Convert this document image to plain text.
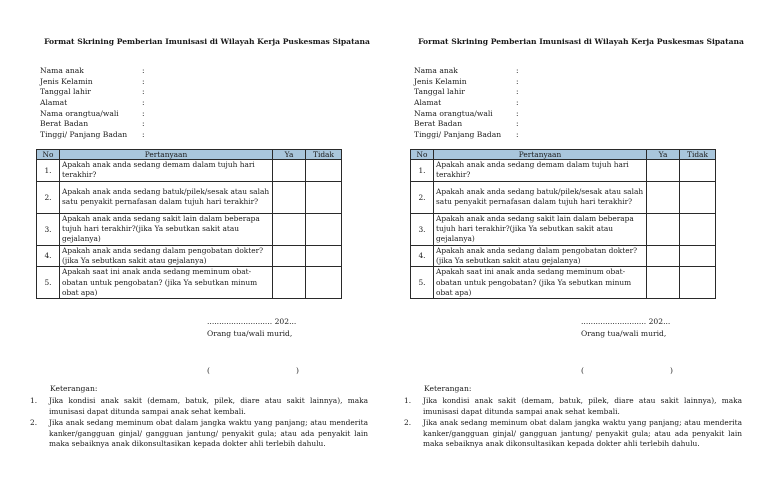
Format Skrining Pemberian Imunisasi di Wilayah Kerja Puskesmas Sipatana
Nama anak	:
Jenis Kelamin	:
Tanggal lahir	:
Alamat	:
Nama orangtua/wali	:
Berat Badan	:
Tinggi/ Panjang Badan :
No	Pertanyaan	Ya	Tidak
1.	Apakah anak anda sedang demam dalam tujuh hari terakhir?		
2.	Apakah anak anda sedang batuk/pilek/sesak atau salah satu penyakit pernafasan dalam tujuh hari terakhir?		
3.	Apakah anak anda sedang sakit lain dalam beberapa tujuh hari terakhir?(jika Ya sebutkan sakit atau gejalanya)		
4.	Apakah anak anda sedang dalam pengobatan dokter? (jika Ya sebutkan sakit atau gejalanya)		
5.	Apakah saat ini anak anda sedang meminum obat-obatan untuk pengobatan? (jika Ya sebutkan minum obat apa)		
........................... 202...
Orang tua/wali murid,
(	)
Keterangan:
1. Jika kondisi anak sakit (demam, batuk, pilek, diare atau sakit lainnya), maka imunisasi dapat ditunda sampai anak sehat kembali.
2. Jika anak sedang meminum obat dalam jangka waktu yang panjang; atau menderita kanker/gangguan ginjal/ gangguan jantung/ penyakit gula; atau ada penyakit lain maka sebaiknya anak dikonsultasikan kepada dokter ahli terlebih dahulu.
Format Skrining Pemberian Imunisasi di Wilayah Kerja Puskesmas Sipatana
Nama anak	:
Jenis Kelamin	:
Tanggal lahir	:
Alamat	:
Nama orangtua/wali	:
Berat Badan	:
Tinggi/ Panjang Badan :
No	Pertanyaan	Ya	Tidak
1.	Apakah anak anda sedang demam dalam tujuh hari terakhir?		
2.	Apakah anak anda sedang batuk/pilek/sesak atau salah satu penyakit pernafasan dalam tujuh hari terakhir?		
3.	Apakah anak anda sedang sakit lain dalam beberapa tujuh hari terakhir?(jika Ya sebutkan sakit atau gejalanya)		
4.	Apakah anak anda sedang dalam pengobatan dokter? (jika Ya sebutkan sakit atau gejalanya)		
5.	Apakah saat ini anak anda sedang meminum obat-obatan untuk pengobatan? (jika Ya sebutkan minum obat apa)		
........................... 202...
Orang tua/wali murid,
(	)
Keterangan:
1. Jika kondisi anak sakit (demam, batuk, pilek, diare atau sakit lainnya), maka imunisasi dapat ditunda sampai anak sehat kembali.
2. Jika anak sedang meminum obat dalam jangka waktu yang panjang; atau menderita kanker/gangguan ginjal/ gangguan jantung/ penyakit gula; atau ada penyakit lain maka sebaiknya anak dikonsultasikan kepada dokter ahli terlebih dahulu.
